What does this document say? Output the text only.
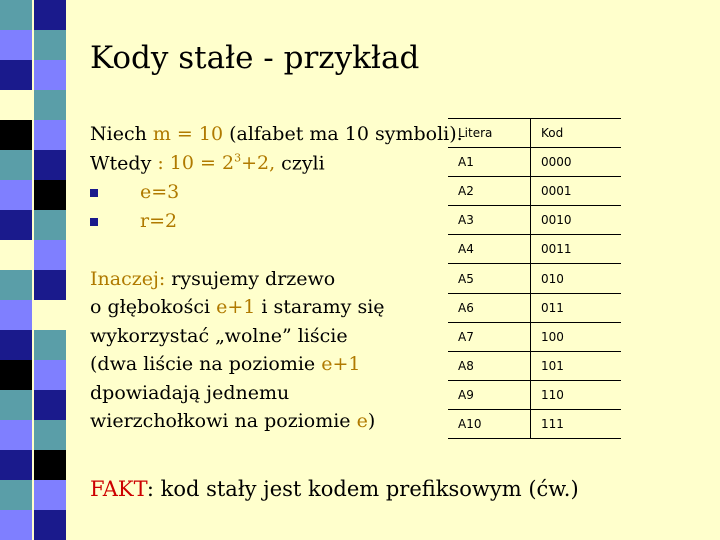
Kody stałe - przykład
Niech m = 10 (alfabet ma 10 symboli).
Wtedy : $10 = 2^3+2$, czyli
e=3
r=2
Inaczej: rysujemy drzewo
o głębokości e+1 i staramy się
wykorzystać „wolne” liście
(dwa liście na poziomie e+1
dpowiadają jednemu
wierzchołkowi na poziomie e)
Litera	Kod
A1	0000
A2	0001
A3	0010
A4	0011
A5	010
A6	011
A7	100
A8	101
A9	110
A10	111
FAKT: kod stały jest kodem prefiksowym (ćw.)
